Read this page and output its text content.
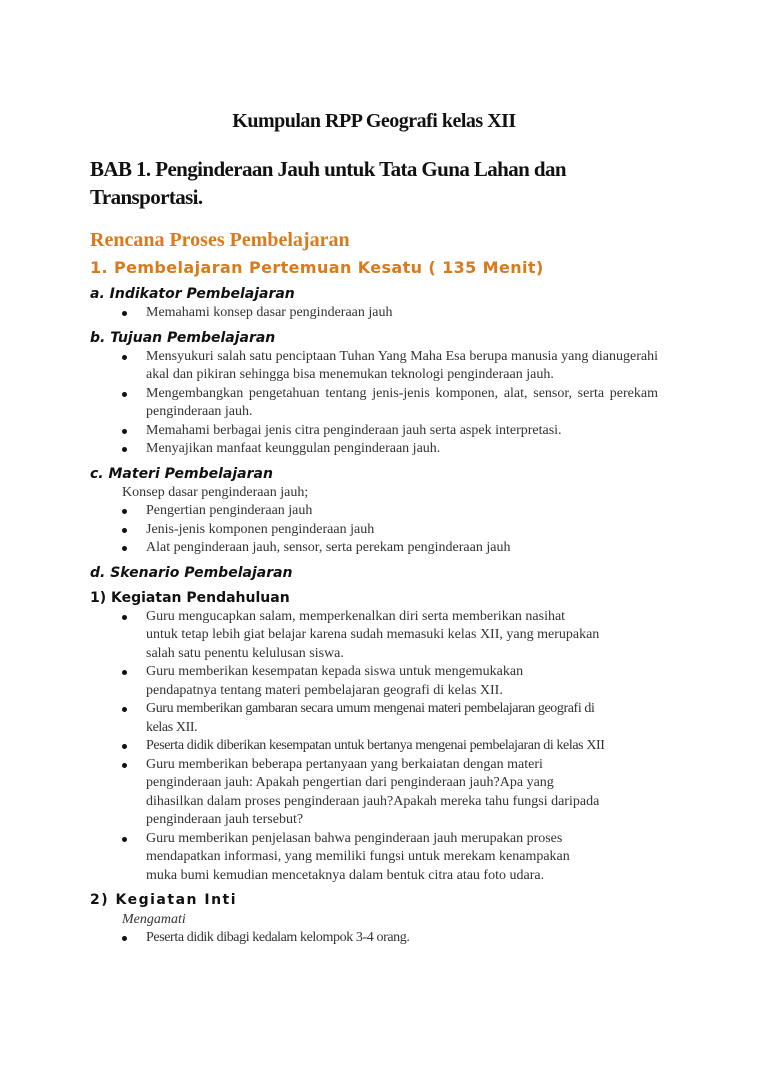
Kumpulan RPP Geografi kelas XII
BAB 1. Penginderaan Jauh untuk Tata Guna Lahan dan
Transportasi.
Rencana Proses Pembelajaran
1. Pembelajaran Pertemuan Kesatu ( 135 Menit)
a. Indikator Pembelajaran
Memahami konsep dasar penginderaan jauh
b. Tujuan Pembelajaran
Mensyukuri salah satu penciptaan Tuhan Yang Maha Esa berupa manusia yang dianugerahi akal dan pikiran sehingga bisa menemukan teknologi penginderaan jauh.
Mengembangkan pengetahuan tentang jenis-jenis komponen, alat, sensor, serta perekam penginderaan jauh.
Memahami berbagai jenis citra penginderaan jauh serta aspek interpretasi.
Menyajikan manfaat keunggulan penginderaan jauh.
c. Materi Pembelajaran

Konsep dasar penginderaan jauh;

Pengertian penginderaan jauh
Jenis-jenis komponen penginderaan jauh
Alat penginderaan jauh, sensor, serta perekam penginderaan jauh
d. Skenario Pembelajaran
1) Kegiatan Pendahuluan
Guru mengucapkan salam, memperkenalkan diri serta memberikan nasihat
untuk tetap lebih giat belajar karena sudah memasuki kelas XII, yang merupakan
salah satu penentu kelulusan siswa.
Guru memberikan kesempatan kepada siswa untuk mengemukakan
pendapatnya tentang materi pembelajaran geografi di kelas XII.
Guru memberikan gambaran secara umum mengenai materi pembelajaran geografi di
kelas XII.
Peserta didik diberikan kesempatan untuk bertanya mengenai pembelajaran di kelas XII
Guru memberikan beberapa pertanyaan yang berkaiatan dengan materi
penginderaan jauh: Apakah pengertian dari penginderaan jauh?Apa yang
dihasilkan dalam proses penginderaan jauh?Apakah mereka tahu fungsi daripada
penginderaan jauh tersebut?
Guru memberikan penjelasan bahwa penginderaan jauh merupakan proses
mendapatkan informasi, yang memiliki fungsi untuk merekam kenampakan
muka bumi kemudian mencetaknya dalam bentuk citra atau foto udara.
2) Kegiatan Inti

Mengamati

Peserta didik dibagi kedalam kelompok 3-4 orang.
